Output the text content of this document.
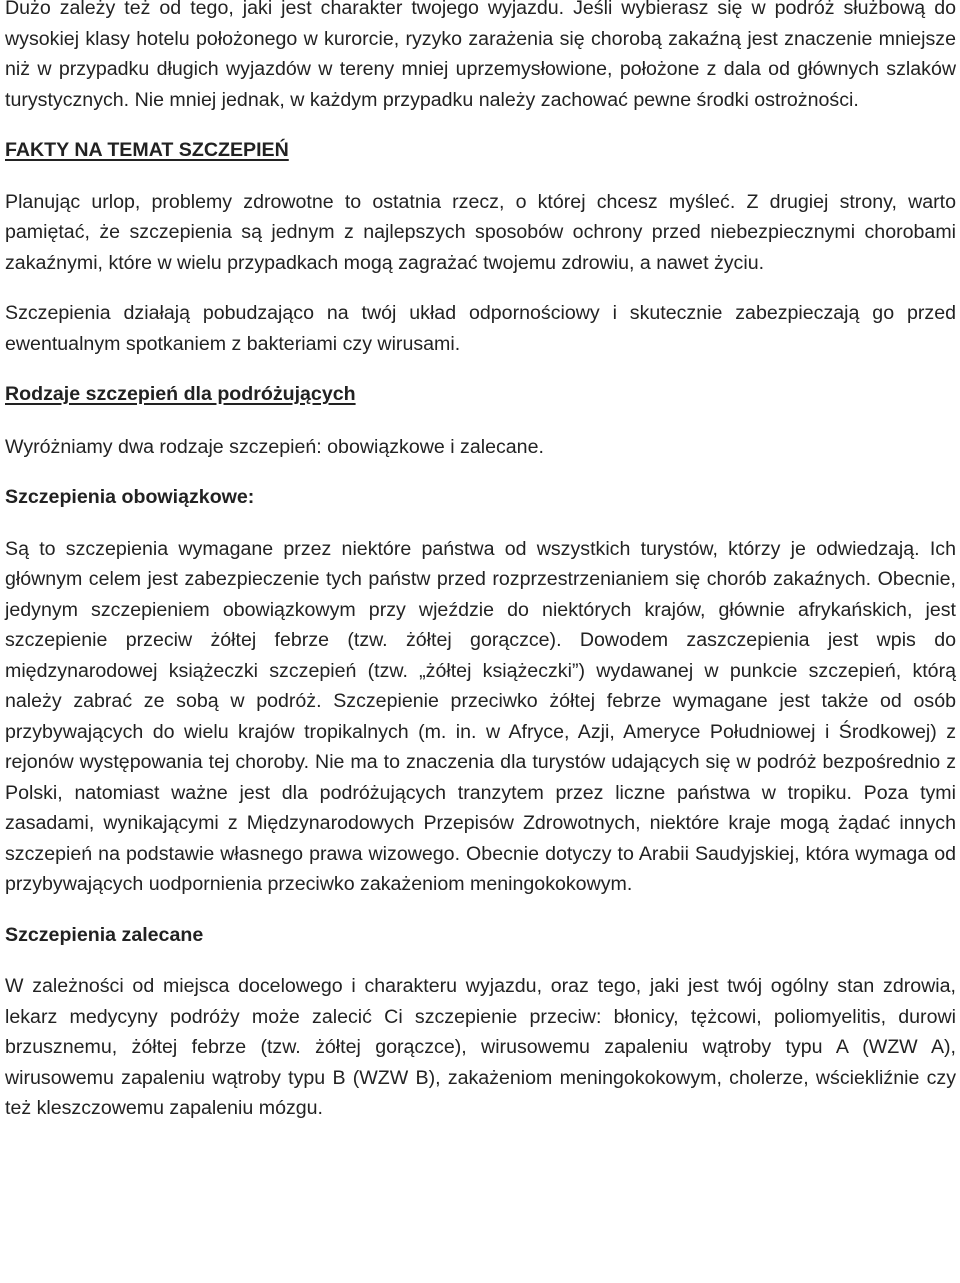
Dużo zależy też od tego, jaki jest charakter twojego wyjazdu. Jeśli wybierasz się w podróż służbową do wysokiej klasy hotelu położonego w kurorcie, ryzyko zarażenia się chorobą zakaźną jest znaczenie mniejsze niż w przypadku długich wyjazdów w tereny mniej uprzemysłowione, położone z dala od głównych szlaków turystycznych. Nie mniej jednak, w każdym przypadku należy zachować pewne środki ostrożności.

FAKTY NA TEMAT SZCZEPIEŃ

Planując urlop, problemy zdrowotne to ostatnia rzecz, o której chcesz myśleć. Z drugiej strony, warto pamiętać, że szczepienia są jednym z najlepszych sposobów ochrony przed niebezpiecznymi chorobami zakaźnymi, które w wielu przypadkach mogą zagrażać twojemu zdrowiu, a nawet życiu.

Szczepienia działają pobudzająco na twój układ odpornościowy i skutecznie zabezpieczają go przed ewentualnym spotkaniem z bakteriami czy wirusami.

Rodzaje szczepień dla podróżujących

Wyróżniamy dwa rodzaje szczepień: obowiązkowe i zalecane.

Szczepienia obowiązkowe:

Są to szczepienia wymagane przez niektóre państwa od wszystkich turystów, którzy je odwiedzają. Ich głównym celem jest zabezpieczenie tych państw przed rozprzestrzenianiem się chorób zakaźnych. Obecnie, jedynym szczepieniem obowiązkowym przy wjeździe do niektórych krajów, głównie afrykańskich, jest szczepienie przeciw żółtej febrze (tzw. żółtej gorączce). Dowodem zaszczepienia jest wpis do międzynarodowej książeczki szczepień (tzw. „żółtej książeczki”) wydawanej w punkcie szczepień, którą należy zabrać ze sobą w podróż. Szczepienie przeciwko żółtej febrze wymagane jest także od osób przybywających do wielu krajów tropikalnych (m. in. w Afryce, Azji, Ameryce Południowej i Środkowej) z rejonów występowania tej choroby. Nie ma to znaczenia dla turystów udających się w podróż bezpośrednio z Polski, natomiast ważne jest dla podróżujących tranzytem przez liczne państwa w tropiku. Poza tymi zasadami, wynikającymi z Międzynarodowych Przepisów Zdrowotnych, niektóre kraje mogą żądać innych szczepień na podstawie własnego prawa wizowego. Obecnie dotyczy to Arabii Saudyjskiej, która wymaga od przybywających uodpornienia przeciwko zakażeniom meningokokowym.

Szczepienia zalecane

W zależności od miejsca docelowego i charakteru wyjazdu, oraz tego, jaki jest twój ogólny stan zdrowia, lekarz medycyny podróży może zalecić Ci szczepienie przeciw: błonicy, tężcowi, poliomyelitis, durowi brzusznemu, żółtej febrze (tzw. żółtej gorączce), wirusowemu zapaleniu wątroby typu A (WZW A), wirusowemu zapaleniu wątroby typu B (WZW B), zakażeniom meningokokowym, cholerze, wściekliźnie czy też kleszczowemu zapaleniu mózgu.
